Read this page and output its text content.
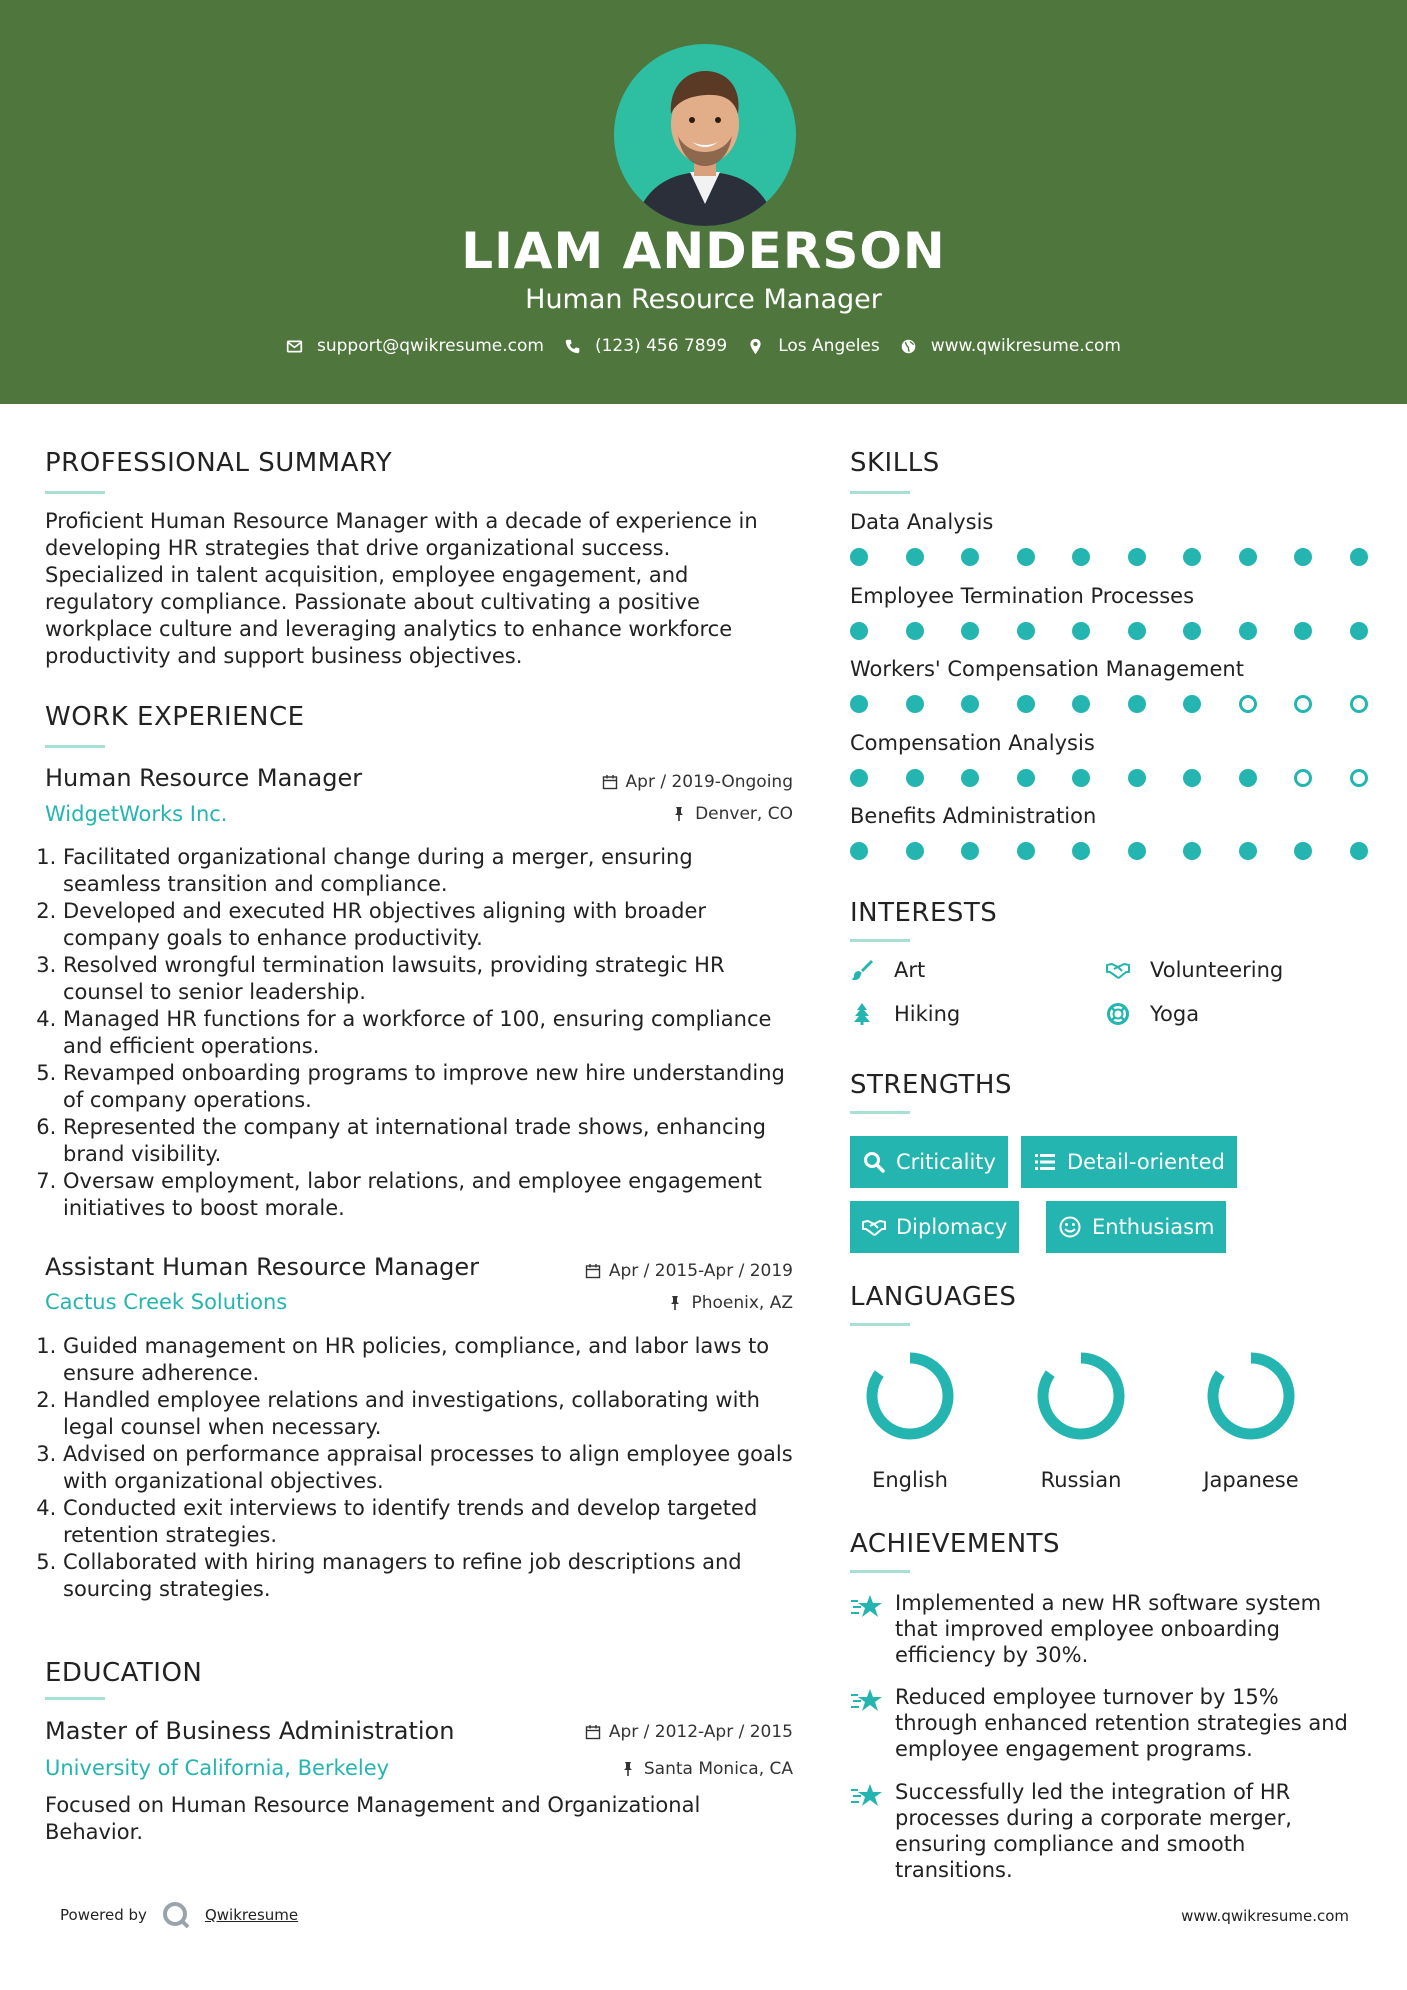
LIAM ANDERSON
Human Resource Manager
support@qwikresume.com	(123) 456 7899	Los Angeles	www.qwikresume.com
PROFESSIONAL SUMMARY
Proficient Human Resource Manager with a decade of experience in developing HR strategies that drive organizational success. Specialized in talent acquisition, employee engagement, and regulatory compliance. Passionate about cultivating a positive workplace culture and leveraging analytics to enhance workforce productivity and support business objectives.
WORK EXPERIENCE
Human Resource Manager
WidgetWorks Inc.
Apr / 2019-Ongoing
Denver, CO
1. Facilitated organizational change during a merger, ensuring seamless transition and compliance.
2. Developed and executed HR objectives aligning with broader company goals to enhance productivity.
3. Resolved wrongful termination lawsuits, providing strategic HR counsel to senior leadership.
4. Managed HR functions for a workforce of 100, ensuring compliance and efficient operations.
5. Revamped onboarding programs to improve new hire understanding of company operations.
6. Represented the company at international trade shows, enhancing brand visibility.
7. Oversaw employment, labor relations, and employee engagement initiatives to boost morale.
Assistant Human Resource Manager
Cactus Creek Solutions
Apr / 2015-Apr / 2019
Phoenix, AZ
1. Guided management on HR policies, compliance, and labor laws to ensure adherence.
2. Handled employee relations and investigations, collaborating with legal counsel when necessary.
3. Advised on performance appraisal processes to align employee goals with organizational objectives.
4. Conducted exit interviews to identify trends and develop targeted retention strategies.
5. Collaborated with hiring managers to refine job descriptions and sourcing strategies.
EDUCATION
Master of Business Administration
University of California, Berkeley
Apr / 2012-Apr / 2015
Santa Monica, CA
Focused on Human Resource Management and Organizational Behavior.
SKILLS
Data Analysis
Employee Termination Processes
Workers' Compensation Management
Compensation Analysis
Benefits Administration
INTERESTS
Art	Volunteering
Hiking	Yoga
STRENGTHS
Criticality	Detail-oriented
Diplomacy	Enthusiasm
LANGUAGES
English	Russian	Japanese
ACHIEVEMENTS
Implemented a new HR software system that improved employee onboarding efficiency by 30%.
Reduced employee turnover by 15% through enhanced retention strategies and employee engagement programs.
Successfully led the integration of HR processes during a corporate merger, ensuring compliance and smooth transitions.
Powered by	Qwikresume	www.qwikresume.com
